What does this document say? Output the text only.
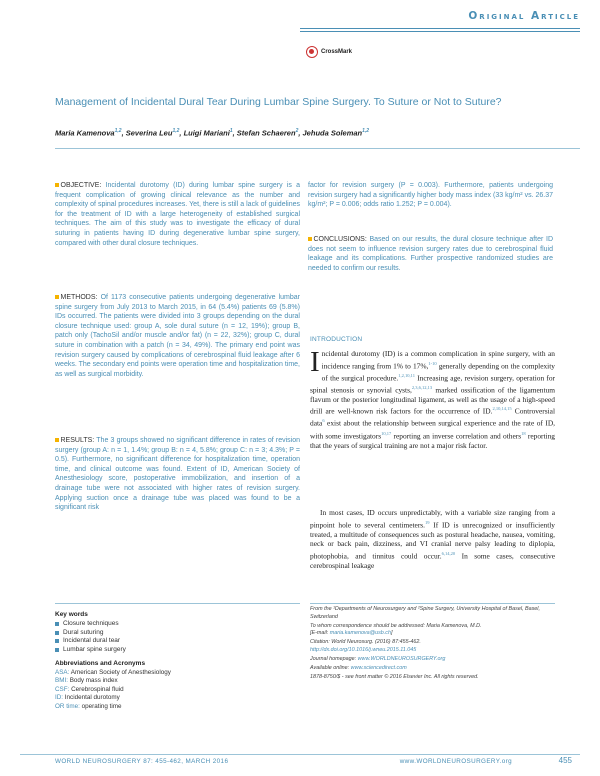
Original Article
CrossMark
Management of Incidental Dural Tear During Lumbar Spine Surgery. To Suture or Not to Suture?
Maria Kamenova$^{1,2}$, Severina Leu$^{1,2}$, Luigi Mariani$^1$, Stefan Schaeren$^2$, Jehuda Soleman$^{1,2}$
OBJECTIVE: Incidental durotomy (ID) during lumbar spine surgery is a frequent complication of growing clinical relevance as the number and complexity of spinal procedures increases. Yet, there is still a lack of guidelines for the treatment of ID with a large heterogeneity of established surgical techniques. The aim of this study was to investigate the efficacy of dural suturing in patients having ID during degenerative lumbar spine surgery, compared with other dural closure techniques.
METHODS: Of 1173 consecutive patients undergoing degenerative lumbar spine surgery from July 2013 to March 2015, in 64 (5.4%) patients 69 (5.8%) IDs occurred. The patients were divided into 3 groups depending on the dural closure technique used: group A, sole dural suture (n = 12, 19%); group B, patch only (TachoSil and/or muscle and/or fat) (n = 22, 32%); group C, dural suture in combination with a patch (n = 34, 49%). The primary end point was revision surgery caused by complications of cerebrospinal fluid leakage after 6 weeks. The secondary end points were operation time and hospitalization time, as well as surgical morbidity.
RESULTS: The 3 groups showed no significant difference in rates of revision surgery (group A: n = 1, 1.4%; group B: n = 4, 5.8%; group C: n = 3; 4.3%; P = 0.5). Furthermore, no significant difference for hospitalization time, operation time, and clinical outcome was found. Extent of ID, American Society of Anesthesiology score, postoperative immobilization, and insertion of a drainage tube were not associated with higher rates of revision surgery. Applying suction once a drainage tube was placed was found to be a significant risk
factor for revision surgery (P = 0.003). Furthermore, patients undergoing revision surgery had a significantly higher body mass index (33 kg/m² vs. 26.37 kg/m²; P = 0.006; odds ratio 1.252; P = 0.004).
CONCLUSIONS: Based on our results, the dural closure technique after ID does not seem to influence revision surgery rates due to cerebrospinal fluid leakage and its complications. Further prospective randomized studies are needed to confirm our results.
INTRODUCTION
Incidental durotomy (ID) is a common complication in spine surgery, with an incidence ranging from 1% to 17%,$^{1-10}$ generally depending on the complexity of the surgical procedure.$^{1,2,10,11}$ Increasing age, revision surgery, operation for spinal stenosis or synovial cysts,$^{2,3,6,12,13}$ marked ossification of the ligamentum flavum or the posterior longitudinal ligament, as well as the usage of a high-speed drill are well-known risk factors for the occurrence of ID.$^{2,10,14,15}$ Controversial data$^6$ exist about the relationship between surgical experience and the rate of ID, with some investigators$^{10,17}$ reporting an inverse correlation and others$^{18}$ reporting that the years of surgical training are not a major risk factor.
In most cases, ID occurs unpredictably, with a variable size ranging from a pinpoint hole to several centimeters.$^{19}$ If ID is unrecognized or insufficiently treated, a multitude of consequences such as postural headache, nausea, vomiting, neck or back pain, dizziness, and VI cranial nerve palsy leading to diplopia, photophobia, and tinnitus could occur.$^{6,14,20}$ In some cases, consecutive cerebrospinal leakage
Key words
Closure techniques
Dural suturing
Incidental dural tear
Lumbar spine surgery
Abbreviations and Acronyms
ASA: American Society of Anesthesiology
BMI: Body mass index
CSF: Cerebrospinal fluid
ID: Incidental durotomy
OR time: operating time

From the ¹Departments of Neurosurgery and ²Spine Surgery, University Hospital of Basel, Basel, Switzerland

To whom correspondence should be addressed: Maria Kamenova, M.D.
[E-mail: maria.kamenova@usb.ch]

Citation: World Neurosurg. (2016) 87:455-462.
http://dx.doi.org/10.1016/j.wneu.2015.11.045

Journal homepage: www.WORLDNEUROSURGERY.org

Available online: www.sciencedirect.com

1878-8750/$ - see front matter © 2016 Elsevier Inc. All rights reserved.

WORLD NEUROSURGERY 87: 455-462, MARCH 2016	www.WORLDNEUROSURGERY.org	455
